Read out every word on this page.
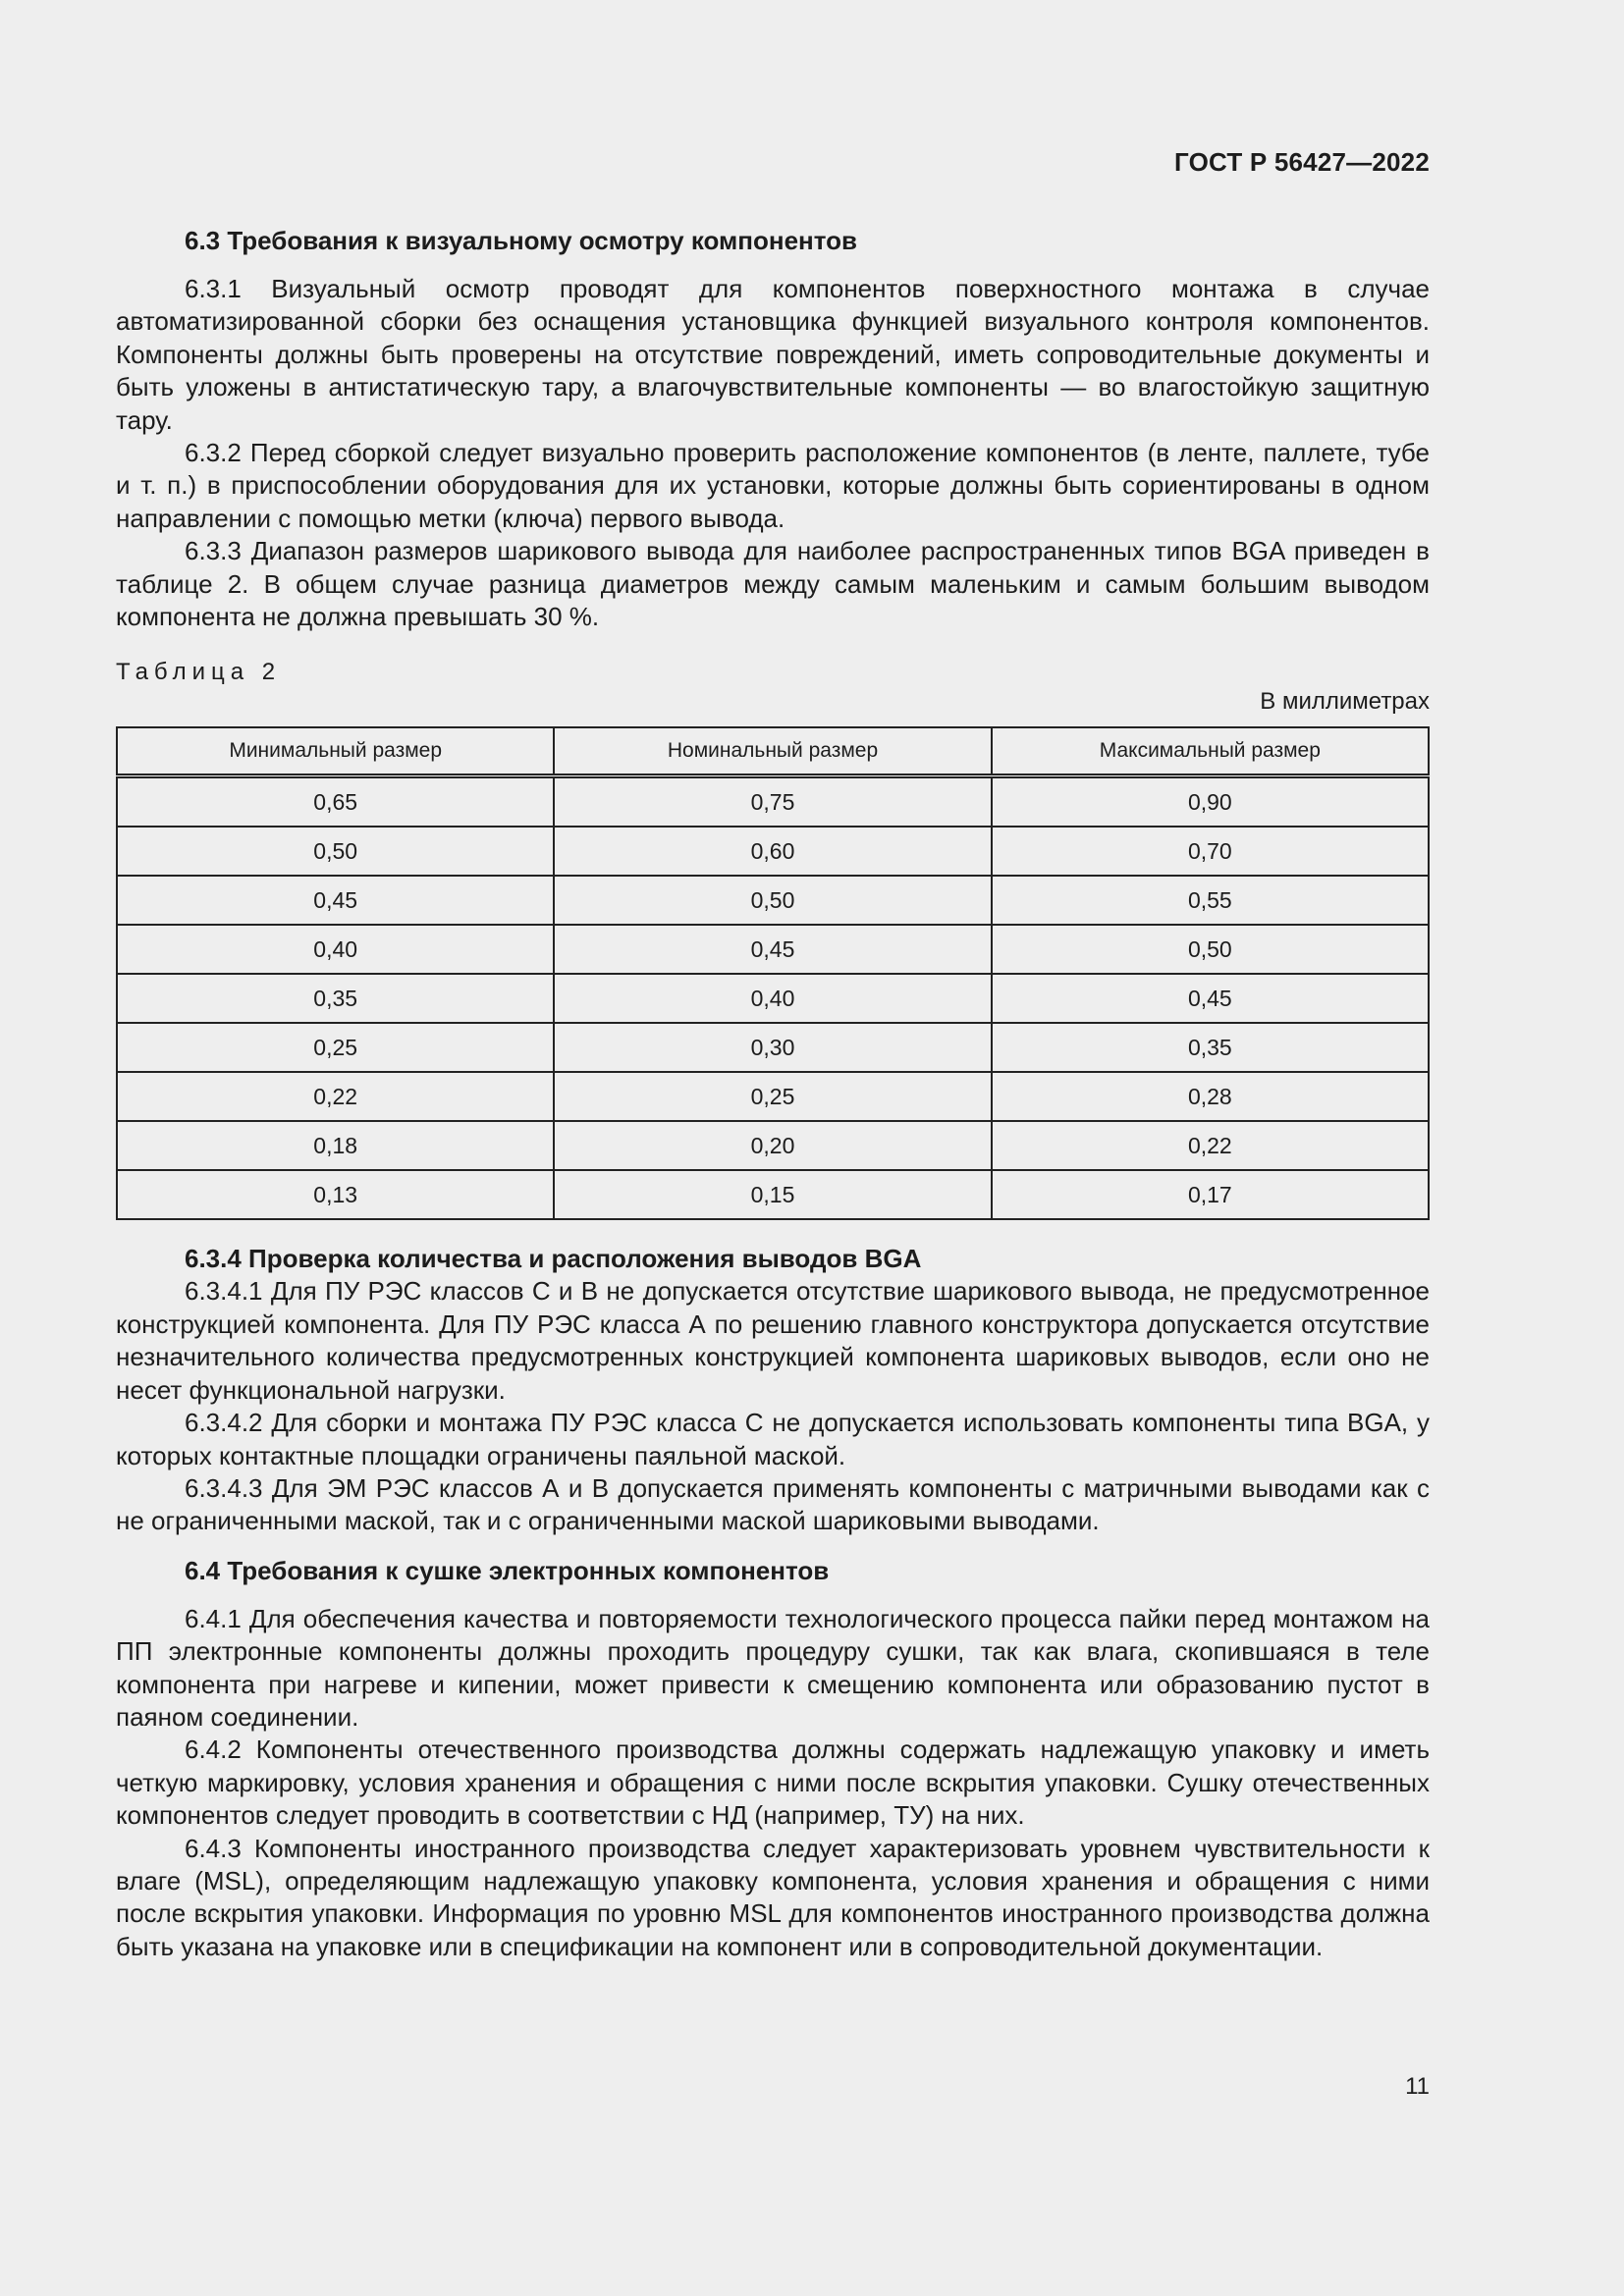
ГОСТ Р 56427—2022
6.3 Требования к визуальному осмотру компонентов

6.3.1 Визуальный осмотр проводят для компонентов поверхностного монтажа в случае автоматизированной сборки без оснащения установщика функцией визуального контроля компонентов. Компоненты должны быть проверены на отсутствие повреждений, иметь сопроводительные документы и быть уложены в антистатическую тару, а влагочувствительные компоненты — во влагостойкую защитную тару.

6.3.2 Перед сборкой следует визуально проверить расположение компонентов (в ленте, паллете, тубе и т. п.) в приспособлении оборудования для их установки, которые должны быть сориентированы в одном направлении с помощью метки (ключа) первого вывода.

6.3.3 Диапазон размеров шарикового вывода для наиболее распространенных типов BGA приведен в таблице 2. В общем случае разница диаметров между самым маленьким и самым большим выводом компонента не должна превышать 30 %.

Таблица 2
В миллиметрах
Минимальный размер	Номинальный размер	Максимальный размер
0,65	0,75	0,90
0,50	0,60	0,70
0,45	0,50	0,55
0,40	0,45	0,50
0,35	0,40	0,45
0,25	0,30	0,35
0,22	0,25	0,28
0,18	0,20	0,22
0,13	0,15	0,17
6.3.4 Проверка количества и расположения выводов BGA

6.3.4.1 Для ПУ РЭС классов С и В не допускается отсутствие шарикового вывода, не предусмотренное конструкцией компонента. Для ПУ РЭС класса А по решению главного конструктора допускается отсутствие незначительного количества предусмотренных конструкцией компонента шариковых выводов, если оно не несет функциональной нагрузки.

6.3.4.2 Для сборки и монтажа ПУ РЭС класса С не допускается использовать компоненты типа BGA, у которых контактные площадки ограничены паяльной маской.

6.3.4.3 Для ЭМ РЭС классов А и В допускается применять компоненты с матричными выводами как с не ограниченными маской, так и с ограниченными маской шариковыми выводами.

6.4 Требования к сушке электронных компонентов

6.4.1 Для обеспечения качества и повторяемости технологического процесса пайки перед монтажом на ПП электронные компоненты должны проходить процедуру сушки, так как влага, скопившаяся в теле компонента при нагреве и кипении, может привести к смещению компонента или образованию пустот в паяном соединении.

6.4.2 Компоненты отечественного производства должны содержать надлежащую упаковку и иметь четкую маркировку, условия хранения и обращения с ними после вскрытия упаковки. Сушку отечественных компонентов следует проводить в соответствии с НД (например, ТУ) на них.

6.4.3 Компоненты иностранного производства следует характеризовать уровнем чувствительности к влаге (MSL), определяющим надлежащую упаковку компонента, условия хранения и обращения с ними после вскрытия упаковки. Информация по уровню MSL для компонентов иностранного производства должна быть указана на упаковке или в спецификации на компонент или в сопроводительной документации.

11
